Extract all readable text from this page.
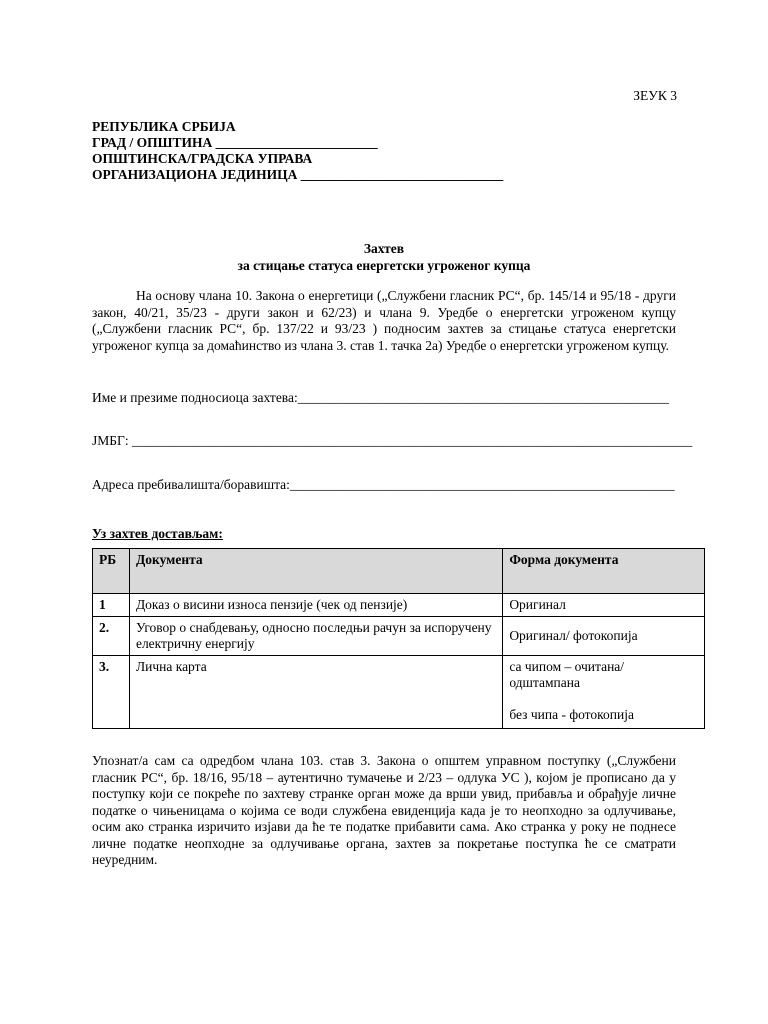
ЗЕУК 3
РЕПУБЛИКА СРБИЈА
ГРАД / ОПШТИНА ________________________
ОПШТИНСКА/ГРАДСКА УПРАВА
ОРГАНИЗАЦИОНА ЈЕДИНИЦА ______________________________
Захтев
за стицање статуса енергетски угроженог купца
На основу члана 10. Закона о енергетици („Службени гласник РС“, бр. 145/14 и 95/18 - други закон, 40/21, 35/23 - други закон и 62/23) и члана 9. Уредбе о енергетски угроженом купцу („Службени гласник РС“, бр. 137/22 и 93/23 ) подносим захтев за стицање статуса енергетски угроженог купца за домаћинство из члана 3. став 1. тачка 2а) Уредбе о енергетски угроженом купцу.
Име и презиме подносиоца захтева:_______________________________________________________
ЈМБГ: ___________________________________________________________________________________
Адреса пребивалишта/боравишта:_________________________________________________________
Уз захтев достављам:
РБ	Документа	Форма документа
1	Доказ о висини износа пензије (чек од пензије)	Оригинал
2.	Уговор о снабдевању, односно последњи рачун за испоручену електричну енергију	Оригинал/ фотокопија
3.	Лична карта	са чипом – очитана/одштампана
без чипа - фотокопија
Упознат/а сам са одредбом члана 103. став 3. Закона о општем управном поступку („Службени гласник РС“, бр. 18/16, 95/18 – аутентично тумачење и 2/23 – одлука УС ), којом је прописано да у поступку који се покреће по захтеву странке орган може да врши увид, прибавља и обрађује личне податке о чињеницама о којима се води службена евиденција када је то неопходно за одлучивање, осим ако странка изричито изјави да ће те податке прибавити сама. Ако странка у року не поднесе личне податке неопходне за одлучивање органа, захтев за покретање поступка ће се сматрати неуредним.
